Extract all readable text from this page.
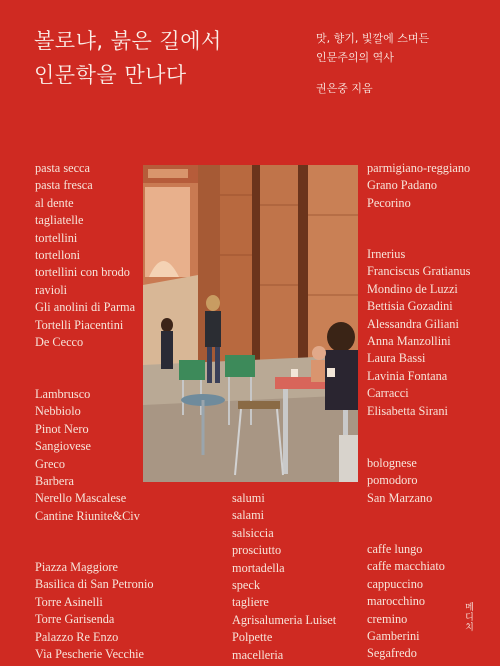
볼로냐, 붉은 길에서
인문학을 만나다
맛, 향기, 빛깔에 스며든
인문주의의 역사
권은중 지음
pasta secca
pasta fresca
al dente
tagliatelle
tortellini
tortelloni
tortellini con brodo
ravioli
Gli anolini di Parma
Tortelli Piacentini
De Cecco
Lambrusco
Nebbiolo
Pinot Nero
Sangiovese
Greco
Barbera
Nerello Mascalese
Cantine Riunite&Civ
Piazza Maggiore
Basilica di San Petronio
Torre Asinelli
Torre Garisenda
Palazzo Re Enzo
Via Pescherie Vecchie
salumi
salami
salsiccia
prosciutto
mortadella
speck
tagliere
Agrisalumeria Luiset
Polpette
macelleria
parmigiano-reggiano
Grano Padano
Pecorino
Irnerius
Franciscus Gratianus
Mondino de Luzzi
Bettisia Gozadini
Alessandra Giliani
Anna Manzollini
Laura Bassi
Lavinia Fontana
Carracci
Elisabetta Sirani
bolognese
pomodoro
San Marzano
caffe lungo
caffe macchiato
cappuccino
marocchino
cremino
Gamberini
Segafredo
메디치
